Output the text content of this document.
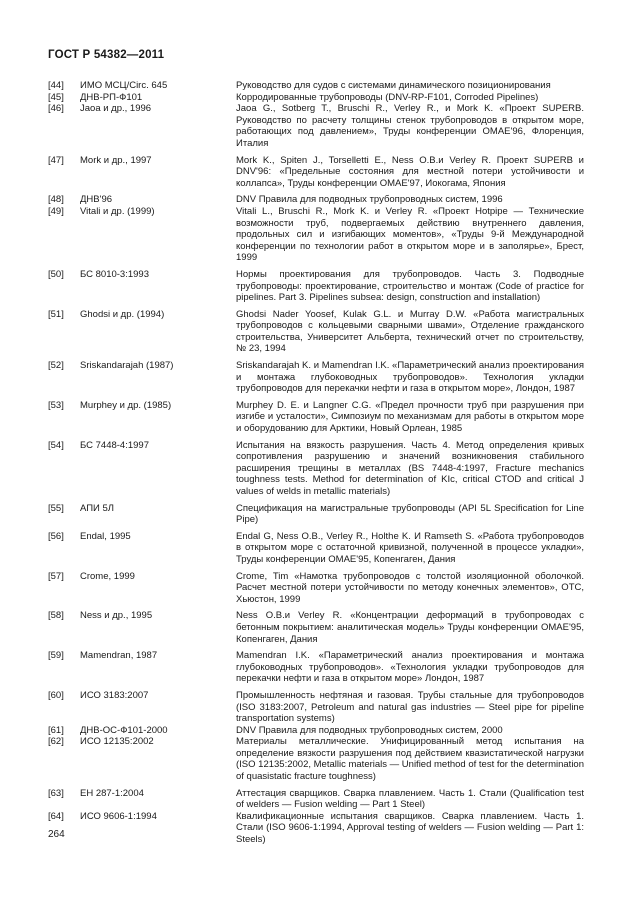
ГОСТ Р 54382—2011
[44]	ИМО МСЦ/Circ. 645	Руководство для судов с системами динамического позиционирования
[45]	ДНВ-РП-Ф101	Корродированные трубопроводы (DNV-RP-F101, Corroded Pipelines)
[46]	Jaoa и др., 1996	Jaoa G., Sotberg T., Bruschi R., Verley R., и Mork K. «Проект SUPERB. Руководство по расчету толщины стенок трубопроводов в открытом море, работающих под давлением», Труды конференции OMAE'96, Флоренция, Италия
[47]	Mork и др., 1997	Mork K., Spiten J., Torselletti E., Ness O.B.и Verley R. Проект SUPERB и DNV'96: «Предельные состояния для местной потери устойчивости и коллапса», Труды конференции OMAE'97, Иокогама, Япония
[48]	ДНВ'96	DNV Правила для подводных трубопроводных систем, 1996
[49]	Vitali и др. (1999)	Vitali L., Bruschi R., Mork K. и Verley R. «Проект Hotpipe — Технические возможности труб, подвергаемых действию внутреннего давления, продольных сил и изгибающих моментов», «Труды 9-й Международной конференции по технологии работ в открытом море и в заполярье», Брест, 1999
[50]	БС 8010-3:1993	Нормы проектирования для трубопроводов. Часть 3. Подводные трубопроводы: проектирование, строительство и монтаж (Code of practice for pipelines. Part 3. Pipelines subsea: design, construction and installation)
[51]	Ghodsi и др. (1994)	Ghodsi Nader Yoosef, Kulak G.L. и Murray D.W. «Работа магистральных трубопроводов с кольцевыми сварными швами», Отделение гражданского строительства, Университет Альберта, технический отчет по строительству, № 23, 1994
[52]	Sriskandarajah (1987)	Sriskandarajah K. и Mamendran I.K. «Параметрический анализ проектирования и монтажа глубоководных трубопроводов». Технология укладки трубопроводов для перекачки нефти и газа в открытом море», Лондон, 1987
[53]	Murphey и др. (1985)	Murphey D. E. и Langner C.G. «Предел прочности труб при разрушения при изгибе и усталости», Симпозиум по механизмам для работы в открытом море и оборудованию для Арктики, Новый Орлеан, 1985
[54]	БС 7448-4:1997	Испытания на вязкость разрушения. Часть 4. Метод определения кривых сопротивления разрушению и значений возникновения стабильного расширения трещины в металлах (BS 7448-4:1997, Fracture mechanics toughness tests. Method for determination of KIc, critical CTOD and critical J values of welds in metallic materials)
[55]	АПИ 5Л	Спецификация на магистральные трубопроводы (API 5L Specification for Line Pipe)
[56]	Endal, 1995	Endal G, Ness O.B., Verley R., Holthe K. И Ramseth S. «Работа трубопроводов в открытом море с остаточной кривизной, полученной в процессе укладки», Труды конференции OMAE'95, Копенгаген, Дания
[57]	Crome, 1999	Crome, Tim «Намотка трубопроводов с толстой изоляционной оболочкой. Расчет местной потери устойчивости по методу конечных элементов», OTC, Хьюстон, 1999
[58]	Ness и др., 1995	Ness O.B.и Verley R. «Концентрации деформаций в трубопроводах с бетонным покрытием: аналитическая модель» Труды конференции OMAE'95, Копенгаген, Дания
[59]	Mamendran, 1987	Mamendran I.K. «Параметрический анализ проектирования и монтажа глубоководных трубопроводов». «Технология укладки трубопроводов для перекачки нефти и газа в открытом море» Лондон, 1987
[60]	ИСО 3183:2007	Промышленность нефтяная и газовая. Трубы стальные для трубопроводов (ISO 3183:2007, Petroleum and natural gas industries — Steel pipe for pipeline transportation systems)
[61]	ДНВ-ОС-Ф101-2000	DNV Правила для подводных трубопроводных систем, 2000
[62]	ИСО 12135:2002	Материалы металлические. Унифицированный метод испытания на определение вязкости разрушения под действием квазистатической нагрузки (ISO 12135:2002, Metallic materials — Unified method of test for the determination of quasistatic fracture toughness)
[63]	ЕН 287-1:2004	Аттестация сварщиков. Сварка плавлением. Часть 1. Стали (Qualification test of welders — Fusion welding — Part 1 Steel)
[64]	ИСО 9606-1:1994	Квалификационные испытания сварщиков. Сварка плавлением. Часть 1. Стали (ISO 9606-1:1994, Approval testing of welders — Fusion welding — Part 1: Steels)
264
